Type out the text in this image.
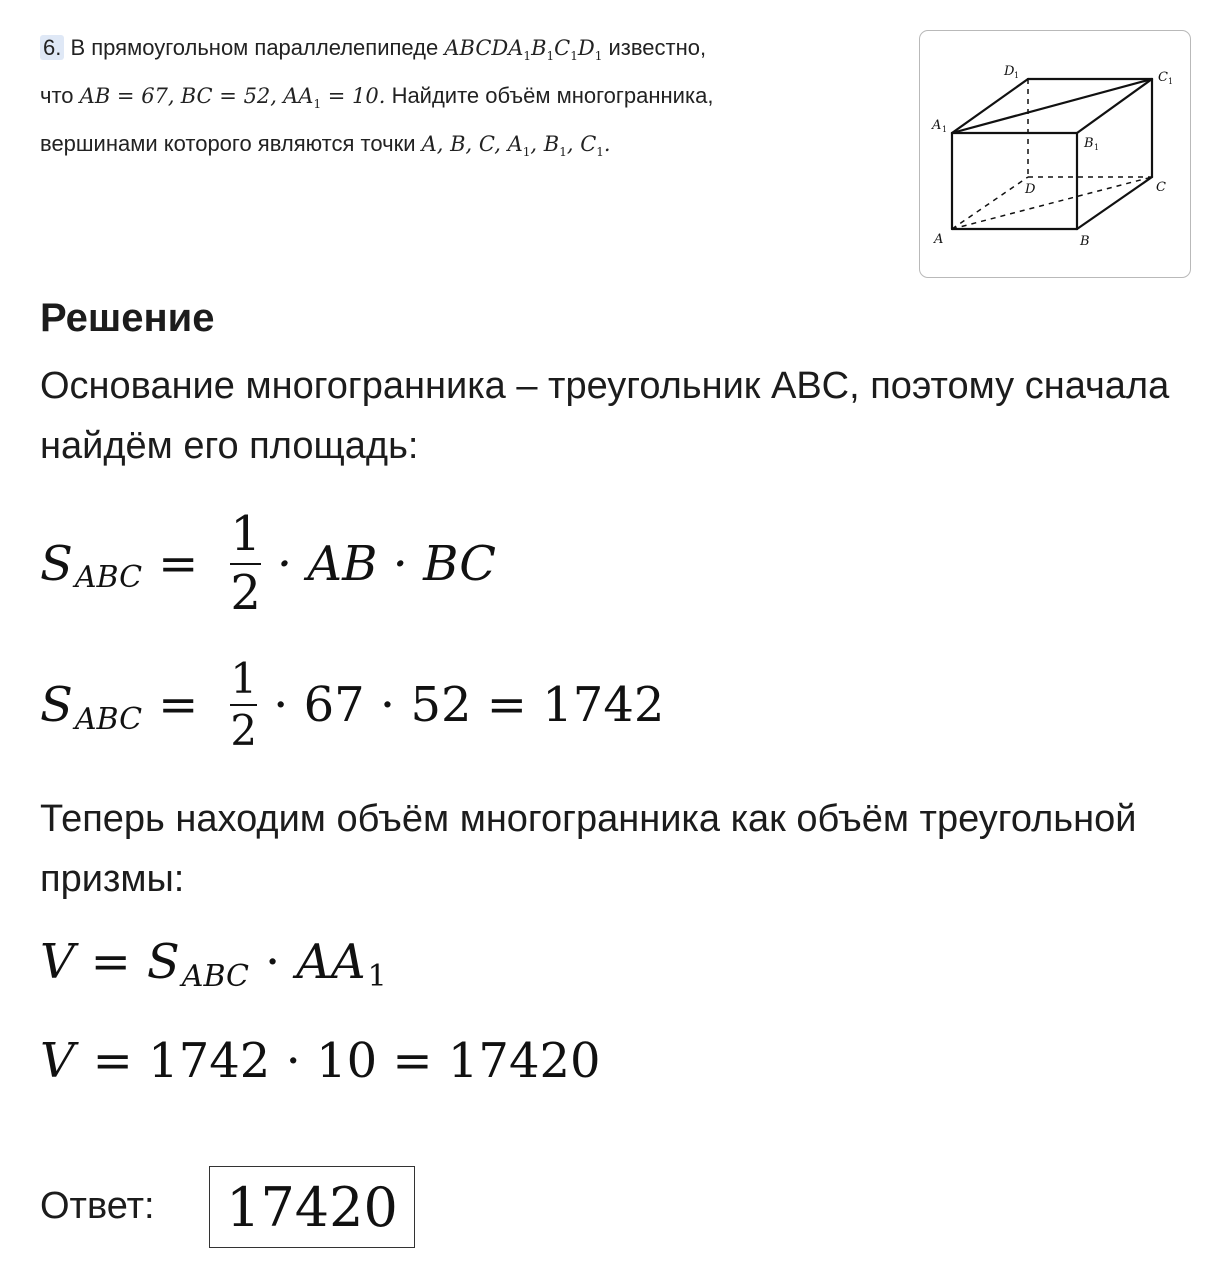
6. В прямоугольном параллелепипеде $ABCDA_1B_1C_1D_1$ известно,
что AB = 67, BC = 52, $AA_1 = 10$. Найдите объём многогранника,
вершинами которого являются точки A, B, C, $A_1$, $B_1$, $C_1$.
A	B
C
D
A 1
B 1
C 1
D 1
Решение
Основание многогранника – треугольник ABC, поэтому сначала найдём его площадь:
S ABC = $\frac{1}{2}$ · AB · BC
S ABC = $\frac{1}{2} \cdot 67 \cdot 52 = 1742$
Теперь находим объём многогранника как объём треугольной призмы:
V = S ABC · AA 1
V = 1742 · 10 = 17420
Ответ:	17420
